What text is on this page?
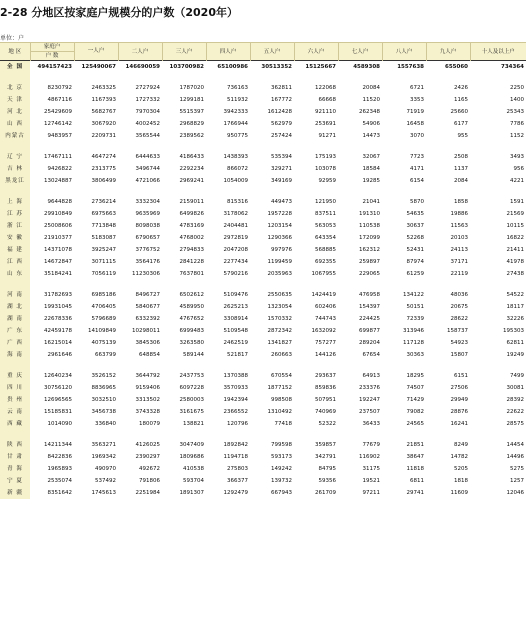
2-28 分地区按家庭户规模分的户数（2020年）
单位：户
地 区	家庭户	一人户	二人户	三人户	四人户	五人户	六人户	七人户	八人户	九人户	十人及以上户
	户 数										
全 国	494157423	125490067	146690059	103700982	65100986	30513352	15125667	4589308	1557638	655060	734364

北 京	8230792	2463325	2727924	1787020	736163	362811	122068	20084	6721	2426	2250
天 津	4867116	1167393	1727332	1299181	511932	167772	66668	11520	3353	1165	1400
河 北	25429609	5682767	7970304	5515397	3942333	1612428	921110	262348	71919	25660	25343
山 西	12746142	3067920	4002452	2968829	1766944	562979	253691	54906	16458	6177	7786
内蒙古	9483957	2209731	3565544	2389562	950775	257424	91271	14473	3070	955	1152

辽 宁	17467111	4647274	6444633	4186433	1438393	535394	175193	32067	7723	2508	3493
吉 林	9426822	2313775	3496744	2292234	866072	329271	103078	18584	4171	1137	956
黑龙江	13024887	3806499	4721066	2969241	1054009	349169	92959	19285	6154	2084	4221

上 海	9644828	2736214	3332304	2159011	815316	449473	121950	21041	5870	1858	1591
江 苏	29910849	6975663	9635969	6499826	3178062	1957228	837511	191310	54635	19886	21569
浙 江	25008606	7713848	8098038	4783169	2404481	1203154	563053	110538	30637	11563	10115
安 徽	21910377	5183087	6790657	4768002	2972819	1290366	643354	172099	52268	20103	16822
福 建	14371078	3925247	3776752	2794833	2047208	997976	568885	162312	52431	24113	21411
江 西	14672847	3071115	3564176	2841228	2277434	1199459	692355	259897	87974	37171	41978
山 东	35184241	7056119	11230306	7637801	5790216	2035963	1067955	229065	61259	22119	27438

河 南	31782693	6985186	8496727	6502612	5109476	2550635	1424419	476958	134122	48036	54522
湖 北	19931045	4706405	5840677	4589950	2625213	1323054	602406	154397	50151	20675	18117
湖 南	22678336	5796689	6332392	4767652	3308914	1570332	744743	224425	72339	28622	32226
广 东	42459178	14109849	10298011	6999483	5109548	2872342	1632092	699877	313946	158737	195303
广 西	16215014	4075139	3845306	3263580	2462519	1341827	757277	289204	117128	54923	62811
海 南	2961646	663799	648854	589144	521817	260663	144126	67654	30363	15807	19249

重 庆	12640234	3526152	3644792	2437753	1370388	670554	293637	64913	18295	6151	7499
四 川	30756120	8836965	9159406	6097228	3570933	1877152	859836	233376	74507	27506	30081
贵 州	12696565	3032510	3313502	2580003	1942394	998508	507951	192247	71429	29949	28392
云 南	15185831	3456738	3743328	3161675	2366552	1310492	740969	237507	79082	28876	22622
西 藏	1014090	336840	180079	138821	120796	77418	52322	36433	24565	16241	28575

陕 西	14211344	3563271	4126025	3047409	1892842	799598	359857	77679	21851	8249	14454
甘 肃	8422836	1969342	2390297	1809686	1194718	593173	342791	116902	38647	14782	14496
青 海	1965893	490970	492672	410538	275803	149242	84795	31175	11818	5205	5275
宁 夏	2535074	537492	791806	593704	366377	139732	59356	19521	6811	1818	1257
新 疆	8351642	1745613	2251984	1891307	1292479	667943	261709	97211	29741	11609	12046
